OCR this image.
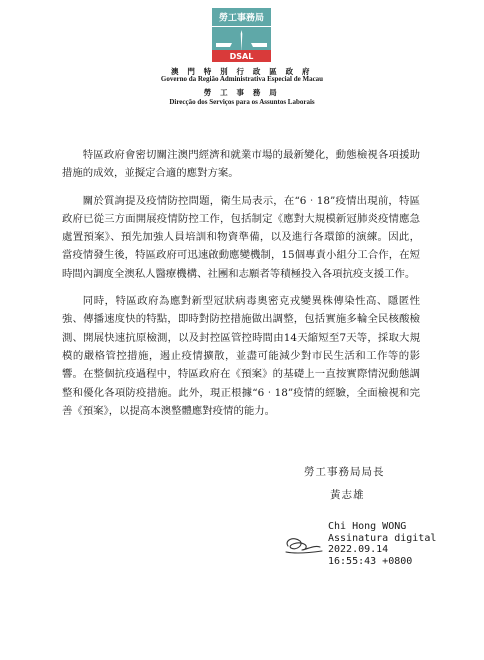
勞工事務局
DSAL
澳 門 特 別 行 政 區 政 府
Governo da Região Administrativa Especial de Macau
勞 工 事 務 局
Direcção dos Serviços para os Assuntos Laborais

特區政府會密切關注澳門經濟和就業市場的最新變化，動態檢視各項援助措施的成效，並擬定合適的應對方案。

關於質詢提及疫情防控問題，衛生局表示，在“6‧18”疫情出現前，特區政府已從三方面開展疫情防控工作，包括制定《應對大規模新冠肺炎疫情應急處置預案》、預先加強人員培訓和物資準備，以及進行各環節的演練。因此，當疫情發生後，特區政府可迅速啟動應變機制，15個專責小組分工合作，在短時間內調度全澳私人醫療機構、社團和志願者等積極投入各項抗疫支援工作。

同時，特區政府為應對新型冠狀病毒奧密克戎變異株傳染性高、隱匿性強、傳播速度快的特點，即時對防控措施做出調整，包括實施多輪全民核酸檢測、開展快速抗原檢測，以及封控區管控時間由14天縮短至7天等，採取大規模的嚴格管控措施，遏止疫情擴散，並盡可能減少對市民生活和工作等的影響。在整個抗疫過程中，特區政府在《預案》的基礎上一直按實際情況動態調整和優化各項防疫措施。此外，現正根據“6‧18”疫情的經驗，全面檢視和完善《預案》，以提高本澳整體應對疫情的能力。

勞工事務局局長
黃志雄
Chi Hong WONG
Assinatura digital
2022.09.14
16:55:43 +0800
